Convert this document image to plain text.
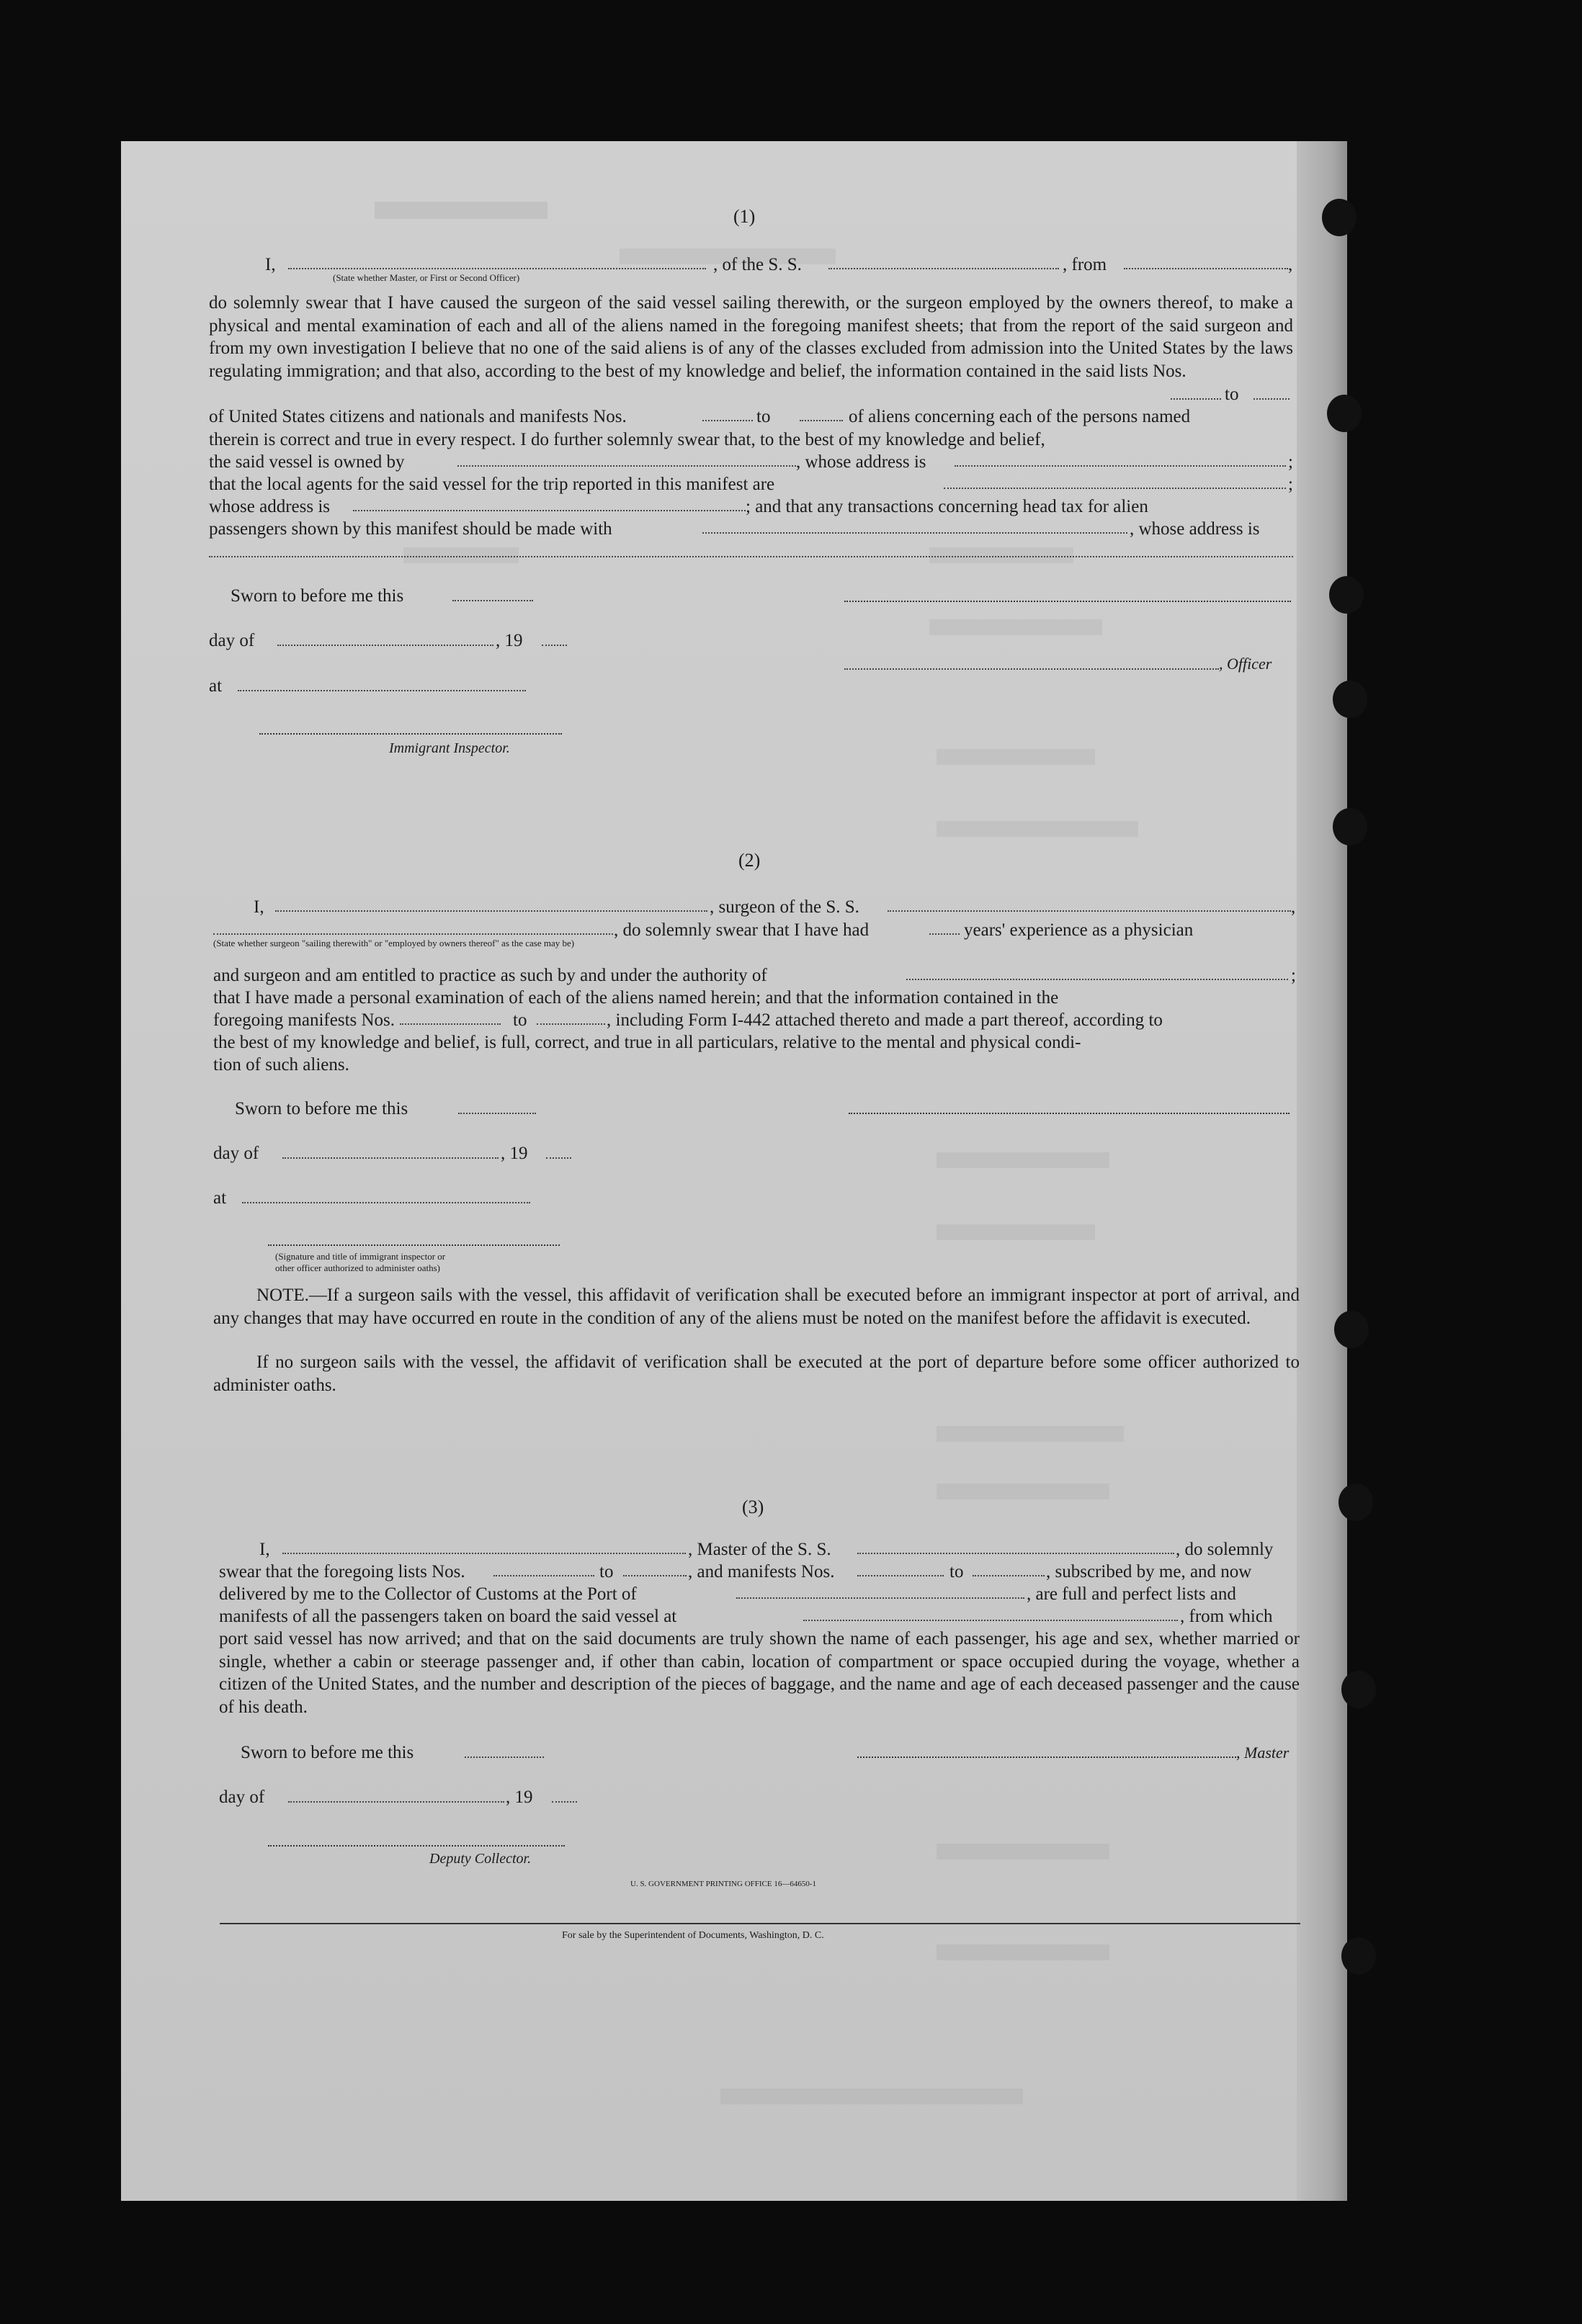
(1)
I,
(State whether Master, or First or Second Officer)
, of the S. S.	, from	,
do solemnly swear that I have caused the surgeon of the said vessel sailing therewith, or the surgeon employed by the owners thereof, to make a physical and mental examination of each and all of the aliens named in the foregoing manifest sheets; that from the report of the said surgeon and from my own investigation I believe that no one of the said aliens is of any of the classes excluded from admission into the United States by the laws regulating immigration; and that also, according to the best of my knowledge and belief, the information contained in the said lists Nos.
to
of United States citizens and nationals and manifests Nos.	to	of aliens concerning each of the persons named
therein is correct and true in every respect. I do further solemnly swear that, to the best of my knowledge and belief,
the said vessel is owned by	, whose address is	;
that the local agents for the said vessel for the trip reported in this manifest are	;
whose address is	; and that any transactions concerning head tax for alien
passengers shown by this manifest should be made with	, whose address is
Sworn to before me this
day of	, 19
, Officer
at
Immigrant Inspector.
(2)
I,	, surgeon of the S. S.	,
, do solemnly swear that I have had	years' experience as a physician
(State whether surgeon "sailing therewith" or "employed by owners thereof" as the case may be)
and surgeon and am entitled to practice as such by and under the authority of	;
that I have made a personal examination of each of the aliens named herein; and that the information contained in the
foregoing manifests Nos.	to	, including Form I-442 attached thereto and made a part thereof, according to
the best of my knowledge and belief, is full, correct, and true in all particulars, relative to the mental and physical condi-
tion of such aliens.
Sworn to before me this
day of	, 19
at
(Signature and title of immigrant inspector or
other officer authorized to administer oaths)
NOTE.—If a surgeon sails with the vessel, this affidavit of verification shall be executed before an immigrant inspector at port of arrival, and any changes that may have occurred en route in the condition of any of the aliens must be noted on the manifest before the affidavit is executed.
If no surgeon sails with the vessel, the affidavit of verification shall be executed at the port of departure before some officer authorized to administer oaths.
(3)
I,	, Master of the S. S.	, do solemnly
swear that the foregoing lists Nos.	to	, and manifests Nos.	to	, subscribed by me, and now
delivered by me to the Collector of Customs at the Port of	, are full and perfect lists and
manifests of all the passengers taken on board the said vessel at	, from which
port said vessel has now arrived; and that on the said documents are truly shown the name of each passenger, his age and sex, whether married or single, whether a cabin or steerage passenger and, if other than cabin, location of compartment or space occupied during the voyage, whether a citizen of the United States, and the number and description of the pieces of baggage, and the name and age of each deceased passenger and the cause of his death.
Sworn to before me this	, Master
day of	, 19
Deputy Collector.
U. S. GOVERNMENT PRINTING OFFICE 16—64650-1
For sale by the Superintendent of Documents, Washington, D. C.
